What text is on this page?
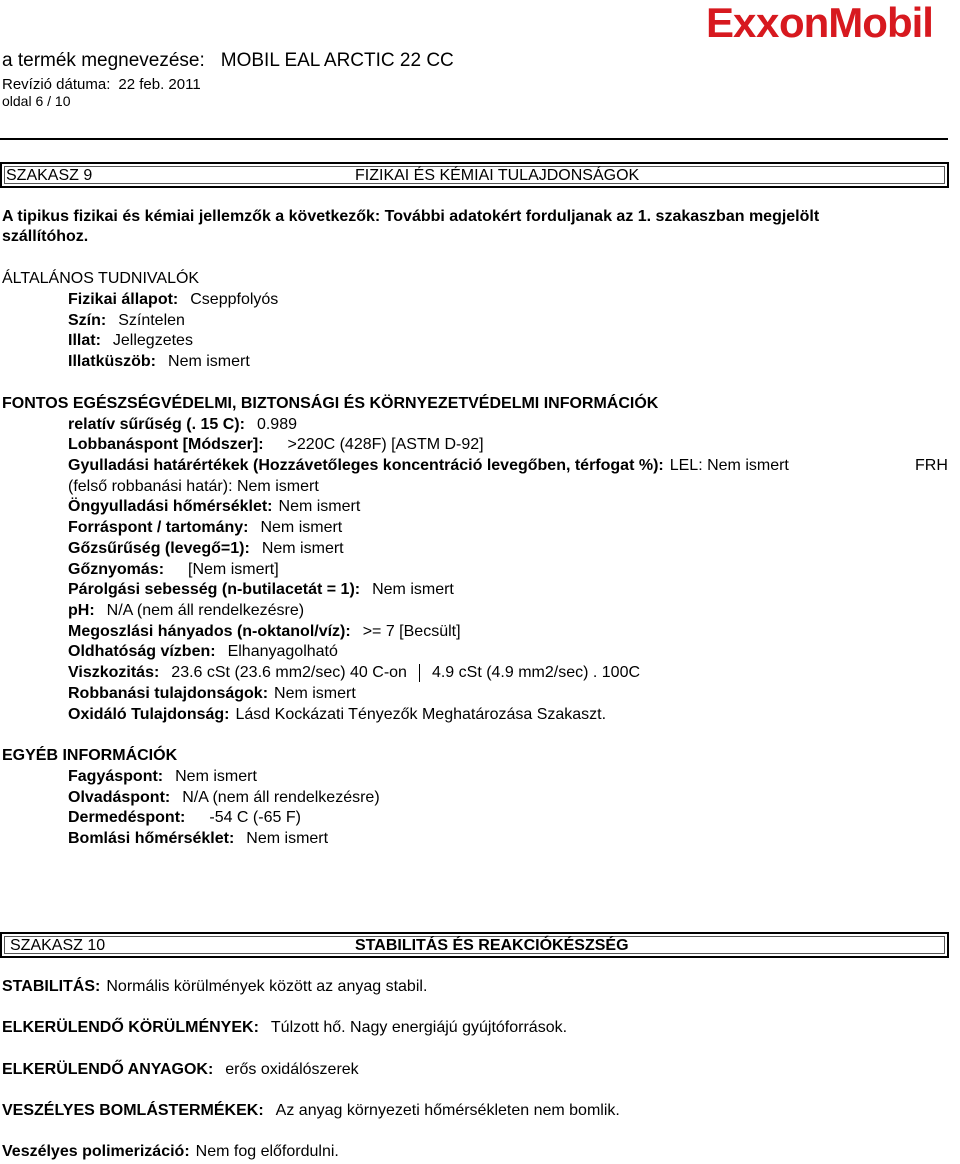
a termék megnevezése: MOBIL EAL ARCTIC 22 CC
Revízió dátuma: 22 feb. 2011
oldal 6 / 10
E x x onMobil
SZAKASZ 9	FIZIKAI ÉS KÉMIAI TULAJDONSÁGOK
A tipikus fizikai és kémiai jellemzők a következők: További adatokért forduljanak az 1. szakaszban megjelölt
szállítóhoz.
ÁLTALÁNOS TUDNIVALÓK
Fizikai állapot: Cseppfolyós
Szín: Színtelen
Illat: Jellegzetes
Illatküszöb: Nem ismert
FONTOS EGÉSZSÉGVÉDELMI, BIZTONSÁGI ÉS KÖRNYEZETVÉDELMI INFORMÁCIÓK
relatív sűrűség (. 15 C): 0.989
Lobbanáspont [Módszer]: >220C (428F) [ASTM D-92]
Gyulladási határértékek (Hozzávetőleges koncentráció levegőben, térfogat %): LEL: Nem ismert	FRH
(felső robbanási határ): Nem ismert
Öngyulladási hőmérséklet: Nem ismert
Forráspont / tartomány: Nem ismert
Gőzsűrűség (levegő=1): Nem ismert
Gőznyomás: [Nem ismert]
Párolgási sebesség (n-butilacetát = 1): Nem ismert
pH: N/A (nem áll rendelkezésre)
Megoszlási hányados (n-oktanol/víz): >= 7 [Becsült]
Oldhatóság vízben: Elhanyagolható
Viszkozitás: 23.6 cSt (23.6 mm2/sec) 40 C-on 4.9 cSt (4.9 mm2/sec) . 100C
Robbanási tulajdonságok: Nem ismert
Oxidáló Tulajdonság: Lásd Kockázati Tényezők Meghatározása Szakaszt.
EGYÉB INFORMÁCIÓK
Fagyáspont: Nem ismert
Olvadáspont: N/A (nem áll rendelkezésre)
Dermedéspont: -54 C (-65 F)
Bomlási hőmérséklet: Nem ismert
SZAKASZ 10	STABILITÁS ÉS REAKCIÓKÉSZSÉG
STABILITÁS: Normális körülmények között az anyag stabil.
ELKERÜLENDŐ KÖRÜLMÉNYEK: Túlzott hő. Nagy energiájú gyújtóforrások.
ELKERÜLENDŐ ANYAGOK: erős oxidálószerek
VESZÉLYES BOMLÁSTERMÉKEK: Az anyag környezeti hőmérsékleten nem bomlik.
Veszélyes polimerizáció: Nem fog előfordulni.
